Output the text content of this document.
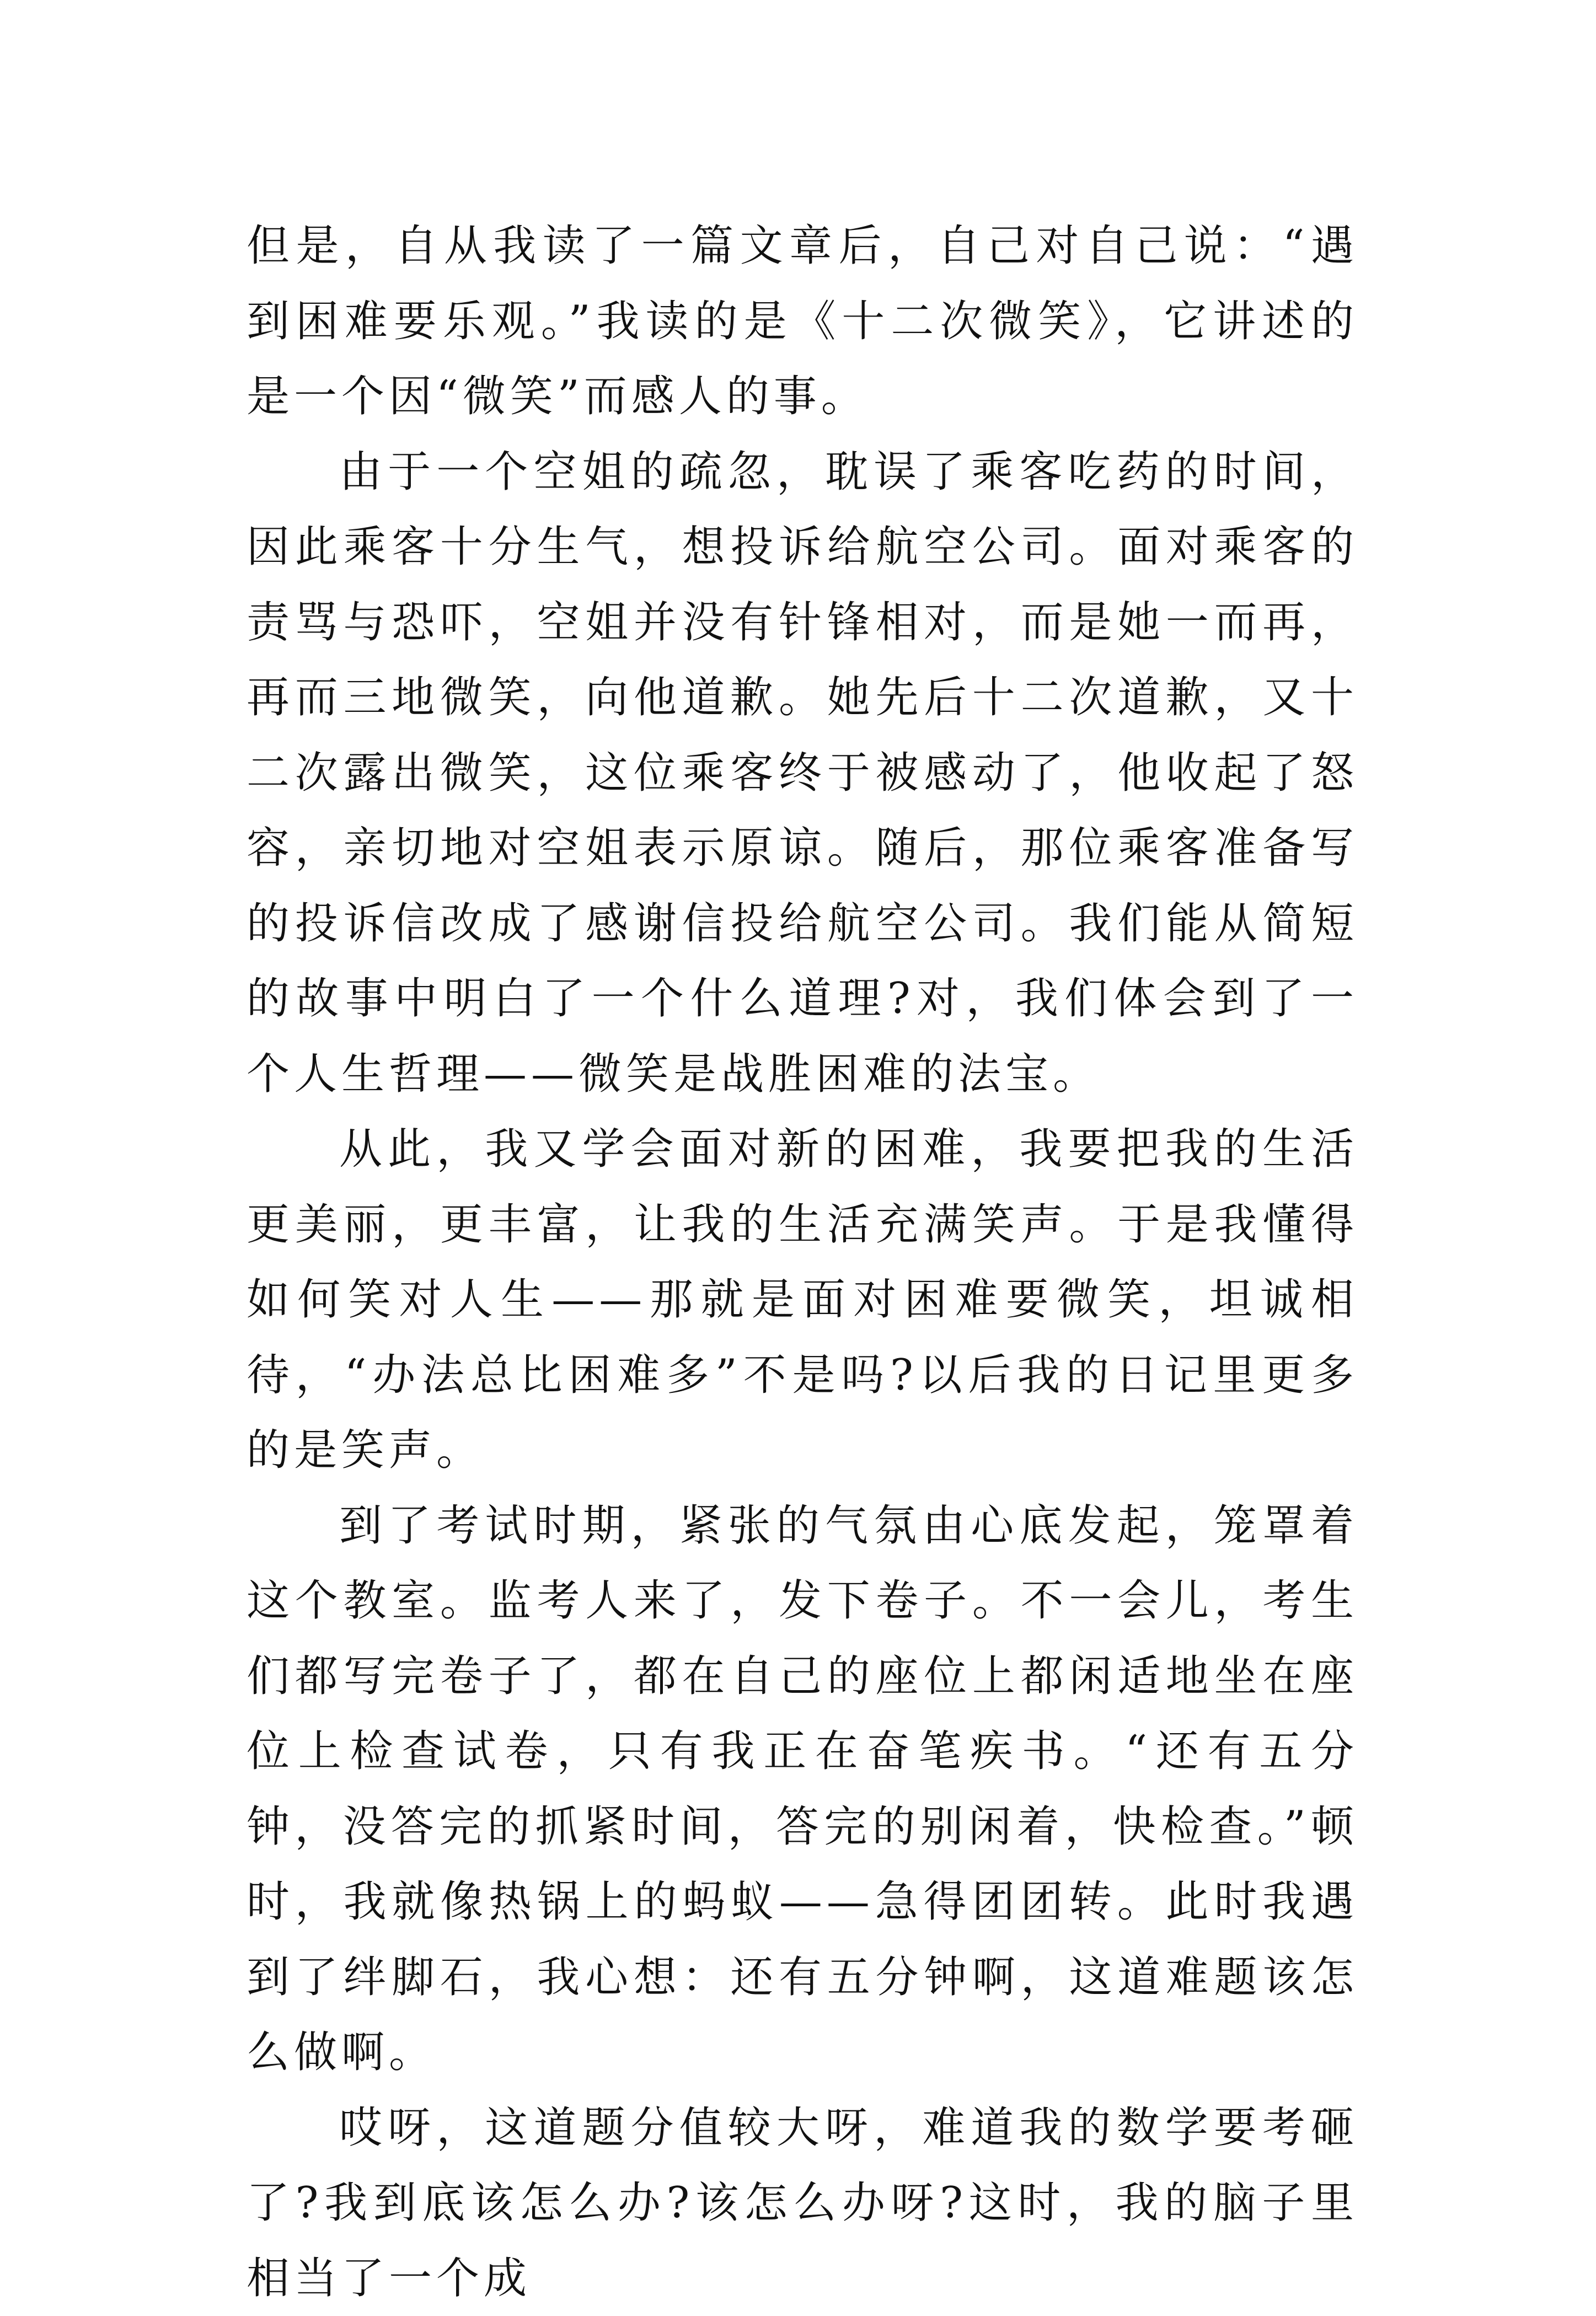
但是，自从我读了一篇文章后，自己对自己说：“遇到困难要乐观。”我读的是《十二次微笑》，它讲述的是一个因“微笑”而感人的事。

由于一个空姐的疏忽，耽误了乘客吃药的时间，因此乘客十分生气，想投诉给航空公司。面对乘客的责骂与恐吓，空姐并没有针锋相对，而是她一而再，再而三地微笑，向他道歉。她先后十二次道歉，又十二次露出微笑，这位乘客终于被感动了，他收起了怒容，亲切地对空姐表示原谅。随后，那位乘客准备写的投诉信改成了感谢信投给航空公司。我们能从简短的故事中明白了一个什么道理?对，我们体会到了一个人生哲理——微笑是战胜困难的法宝。

从此，我又学会面对新的困难，我要把我的生活更美丽，更丰富，让我的生活充满笑声。于是我懂得如何笑对人生——那就是面对困难要微笑，坦诚相待，“办法总比困难多”不是吗?以后我的日记里更多的是笑声。

到了考试时期，紧张的气氛由心底发起，笼罩着这个教室。监考人来了，发下卷子。不一会儿，考生们都写完卷子了，都在自己的座位上都闲适地坐在座位上检查试卷，只有我正在奋笔疾书。“还有五分钟，没答完的抓紧时间，答完的别闲着，快检查。”顿时，我就像热锅上的蚂蚁——急得团团转。此时我遇到了绊脚石，我心想：还有五分钟啊，这道难题该怎么做啊。

哎呀，这道题分值较大呀，难道我的数学要考砸了?我到底该怎么办?该怎么办呀?这时，我的脑子里相当了一个成
